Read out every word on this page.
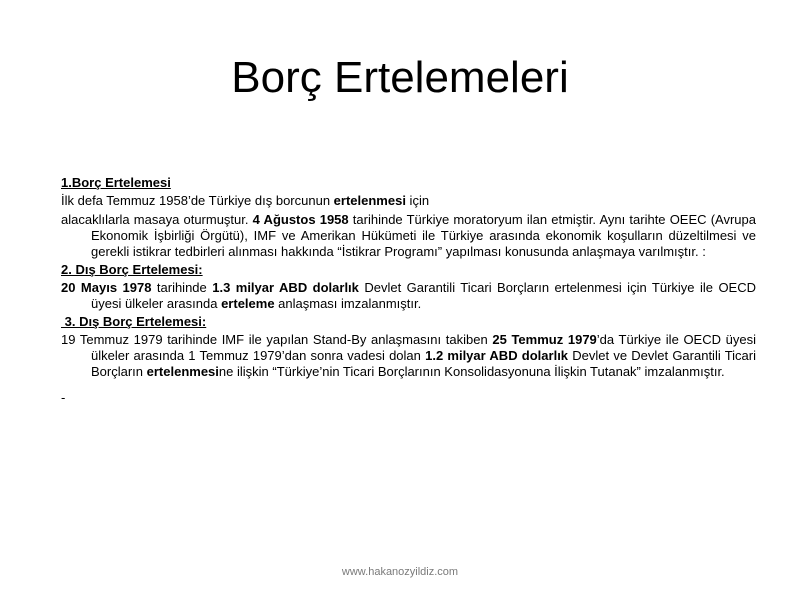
Borç Ertelemeleri

1.Borç Ertelemesi

İlk defa Temmuz 1958’de Türkiye dış borcunun ertelenmesi için

alacaklılarla masaya oturmuştur. 4 Ağustos 1958 tarihinde Türkiye moratoryum ilan etmiştir. Aynı tarihte OEEC (Avrupa Ekonomik İşbirliği Örgütü), IMF ve Amerikan Hükümeti ile Türkiye arasında ekonomik koşulların düzeltilmesi ve gerekli istikrar tedbirleri alınması hakkında “İstikrar Programı” yapılması konusunda anlaşmaya varılmıştır. :

2. Dış Borç Ertelemesi:

20 Mayıs 1978 tarihinde 1.3 milyar ABD dolarlık Devlet Garantili Ticari Borçların ertelenmesi için Türkiye ile OECD üyesi ülkeler arasında erteleme anlaşması imzalanmıştır.

3. Dış Borç Ertelemesi:

19 Temmuz 1979 tarihinde IMF ile yapılan Stand-By anlaşmasını takiben 25 Temmuz 1979’da Türkiye ile OECD üyesi ülkeler arasında 1 Temmuz 1979’dan sonra vadesi dolan 1.2 milyar ABD dolarlık Devlet ve Devlet Garantili Ticari Borçların ertelenmesine ilişkin “Türkiye’nin Ticari Borçlarının Konsolidasyonuna İlişkin Tutanak” imzalanmıştır.

-

www.hakanozyildiz.com
